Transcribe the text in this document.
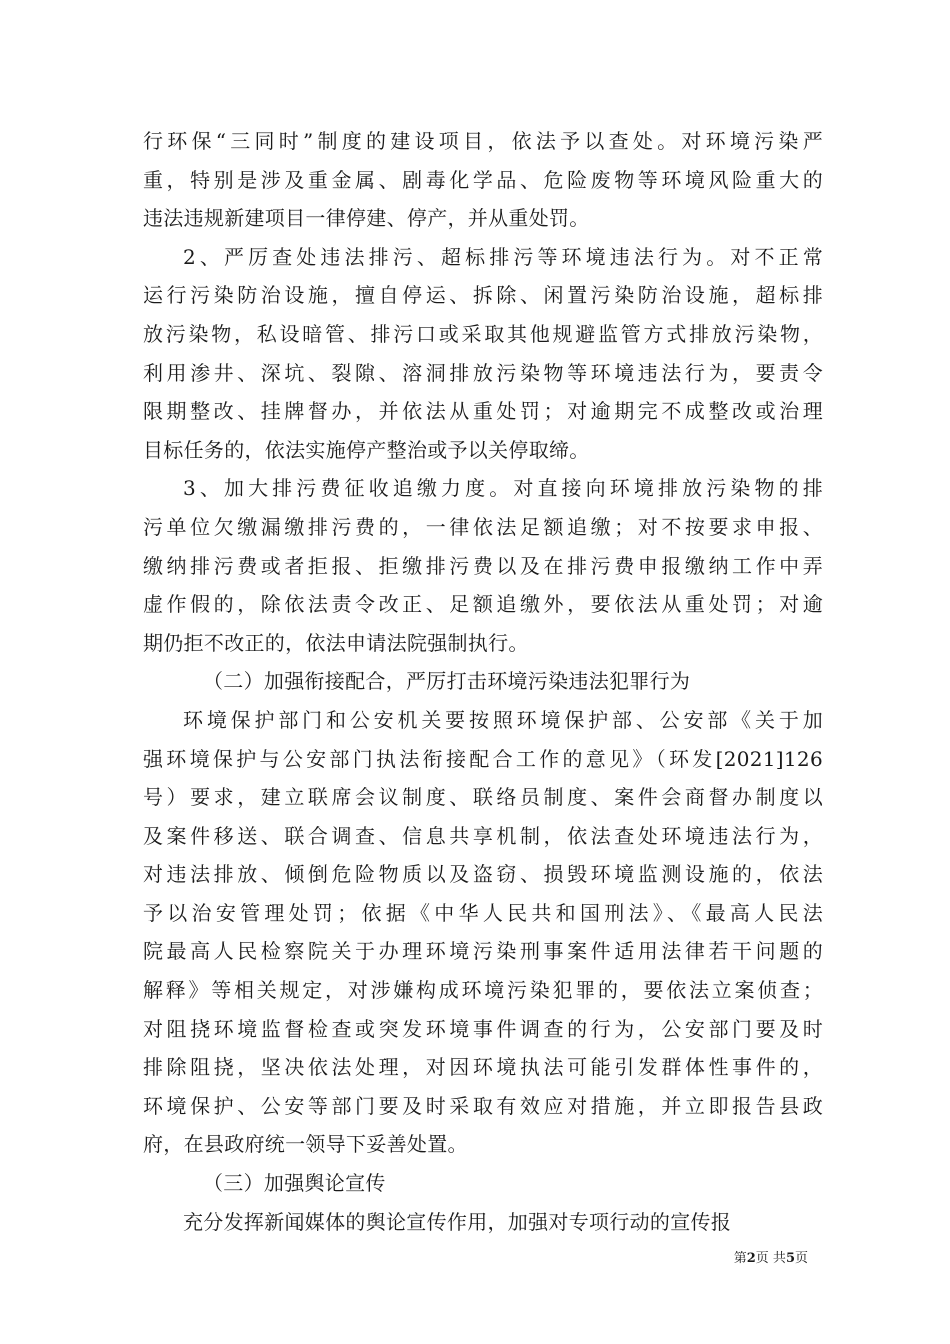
行环保“三同时”制度的建设项目，依法予以查处。对环境污染严
重，特别是涉及重金属、剧毒化学品、危险废物等环境风险重大的
违法违规新建项目一律停建、停产，并从重处罚。
2、严厉查处违法排污、超标排污等环境违法行为。对不正常
运行污染防治设施，擅自停运、拆除、闲置污染防治设施，超标排
放污染物，私设暗管、排污口或采取其他规避监管方式排放污染物，
利用渗井、深坑、裂隙、溶洞排放污染物等环境违法行为，要责令
限期整改、挂牌督办，并依法从重处罚；对逾期完不成整改或治理
目标任务的，依法实施停产整治或予以关停取缔。
3、加大排污费征收追缴力度。对直接向环境排放污染物的排
污单位欠缴漏缴排污费的，一律依法足额追缴；对不按要求申报、
缴纳排污费或者拒报、拒缴排污费以及在排污费申报缴纳工作中弄
虚作假的，除依法责令改正、足额追缴外，要依法从重处罚；对逾
期仍拒不改正的，依法申请法院强制执行。
（二）加强衔接配合，严厉打击环境污染违法犯罪行为
环境保护部门和公安机关要按照环境保护部、公安部《关于加
强环境保护与公安部门执法衔接配合工作的意见》（环发[2021]126
号）要求，建立联席会议制度、联络员制度、案件会商督办制度以
及案件移送、联合调查、信息共享机制，依法查处环境违法行为，
对违法排放、倾倒危险物质以及盗窃、损毁环境监测设施的，依法
予以治安管理处罚；依据《中华人民共和国刑法》、《最高人民法
院最高人民检察院关于办理环境污染刑事案件适用法律若干问题的
解释》等相关规定，对涉嫌构成环境污染犯罪的，要依法立案侦查；
对阻挠环境监督检查或突发环境事件调查的行为，公安部门要及时
排除阻挠，坚决依法处理，对因环境执法可能引发群体性事件的，
环境保护、公安等部门要及时采取有效应对措施，并立即报告县政
府，在县政府统一领导下妥善处置。
（三）加强舆论宣传
充分发挥新闻媒体的舆论宣传作用，加强对专项行动的宣传报
第2页 共5页
